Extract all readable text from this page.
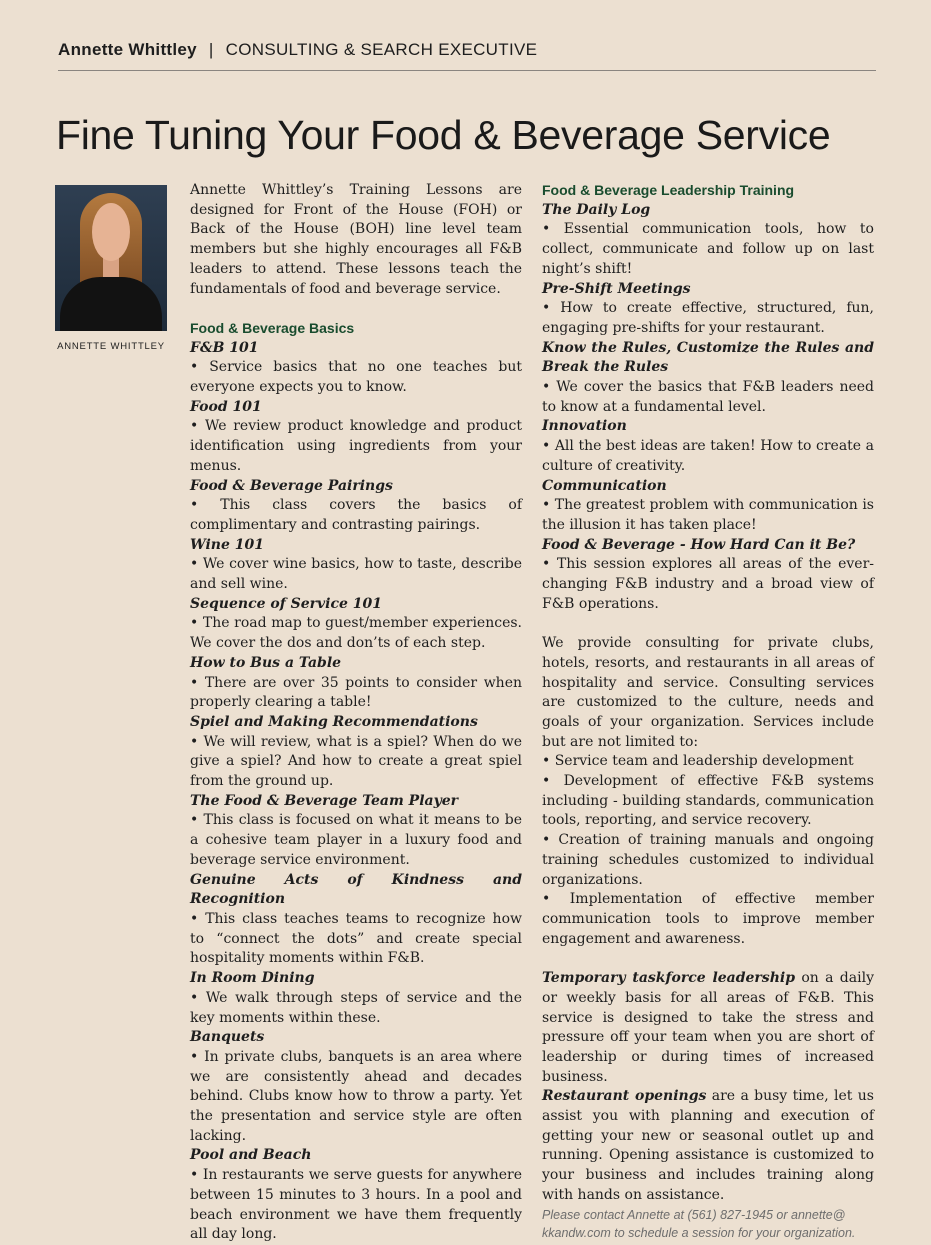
Annette Whittley | CONSULTING & SEARCH EXECUTIVE
Fine Tuning Your Food & Beverage Service
ANNETTE WHITTLEY

Annette Whittley’s Training Lessons are designed for Front of the House (FOH) or Back of the House (BOH) line level team members but she highly encourages all F&B leaders to attend. These lessons teach the fundamentals of food and beverage service.

Food & Beverage Basics

F&B 101

• Service basics that no one teaches but everyone expects you to know.

Food 101

• We review product knowledge and product identification using ingredients from your menus.

Food & Beverage Pairings

• This class covers the basics of complimentary and contrasting pairings.

Wine 101

• We cover wine basics, how to taste, describe and sell wine.

Sequence of Service 101

• The road map to guest/member experiences. We cover the dos and don’ts of each step.

How to Bus a Table

• There are over 35 points to consider when properly clearing a table!

Spiel and Making Recommendations

• We will review, what is a spiel? When do we give a spiel? And how to create a great spiel from the ground up.

The Food & Beverage Team Player

• This class is focused on what it means to be a cohesive team player in a luxury food and beverage service environment.

Genuine Acts of Kindness and Recognition

• This class teaches teams to recognize how to “connect the dots” and create special hospitality moments within F&B.

In Room Dining

• We walk through steps of service and the key moments within these.

Banquets

• In private clubs, banquets is an area where we are consistently ahead and decades behind. Clubs know how to throw a party. Yet the presentation and service style are often lacking.

Pool and Beach

• In restaurants we serve guests for anywhere between 15 minutes to 3 hours. In a pool and beach environment we have them frequently all day long.

Food & Beverage Leadership Training

The Daily Log

• Essential communication tools, how to collect, communicate and follow up on last night’s shift!

Pre-Shift Meetings

• How to create effective, structured, fun, engaging pre-shifts for your restaurant.

Know the Rules, Customize the Rules and Break the Rules

• We cover the basics that F&B leaders need to know at a fundamental level.

Innovation

• All the best ideas are taken! How to create a culture of creativity.

Communication

• The greatest problem with communication is the illusion it has taken place!

Food & Beverage - How Hard Can it Be?

• This session explores all areas of the ever-changing F&B industry and a broad view of F&B operations.

We provide consulting for private clubs, hotels, resorts, and restaurants in all areas of hospitality and service. Consulting services are customized to the culture, needs and goals of your organization. Services include but are not limited to:

• Service team and leadership development

• Development of effective F&B systems including - building standards, communication tools, reporting, and service recovery.

• Creation of training manuals and ongoing training schedules customized to individual organizations.

• Implementation of effective member communication tools to improve member engagement and awareness.

Temporary taskforce leadership on a daily or weekly basis for all areas of F&B. This service is designed to take the stress and pressure off your team when you are short of leadership or during times of increased business.

Restaurant openings are a busy time, let us assist you with planning and execution of getting your new or seasonal outlet up and running. Opening assistance is customized to your business and includes training along with hands on assistance.

Please contact Annette at (561) 827-1945 or annette@ kkandw.com to schedule a session for your organization.
